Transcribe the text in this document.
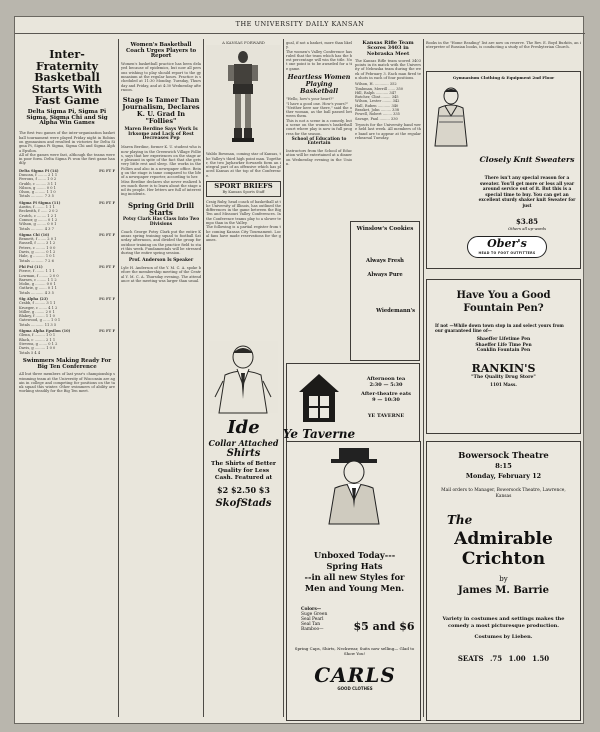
THE UNIVERSITY DAILY KANSAN
Inter-Fraternity Basketball Starts With Fast Game
Delta Sigma Pi, Sigma Pi Sigma, Sigma Chi and Sig Alpha Win Games
The first two games of the inter-organization basketball tournament were played Friday night in Robinson gymnasium and resulted in victories for Delta Sigma Pi, Sigma Pi Sigma, Sigma Chi and Sigma Alpha Epsilon.
All of the games were fast, although the teams were in poor form. Delta Sigma Pi won the first game handily.
Delta Sigma Pi (14)	FG FT F
Duncan, f ........ 2 1 1
Ferrons, f ....... 1 0 2
Grubb, c ......... 3 1 1
Nilson, g ........ 0 0 1
Olson, g ......... 1 1 0
Totals ........... 7 3 5
Sigma Pi Sigma (11)	FG FT F
Austin, f ........ 1 1 1
Beckwith, f ...... 2 0 2
Crutch, c ........ 1 2 1
Connor, g ........ 0 1 2
Wilson, g ........ 0 0 1
Totals ........... 4 3 7
Sigma Chi (16)	FG FT F
Bennett, f ....... 2 0 1
Russell, f ....... 3 1 2
Peters, c ........ 1 0 0
Davis, g ......... 0 1 2
Hale, g .......... 1 0 1
Totals ........... 7 2 6
Phi Psi (11)	FG FT F
Pierce, f ........ 1 1 1
Lowman, f ........ 2 0 0
Barnes, c ........ 1 1 2
Molin, g ......... 0 0 1
Guthrie, g ....... 0 1 1
Totals ........... 4 3 5
Sig Alpha (23)	FG FT F
Crabb, f ......... 3 1 1
Krueger, c ....... 4 1 2
Miller, g ........ 2 0 1
Blakey, f ........ 1 1 0
Gatewood, g ...... 1 0 1
Totals ........... 11 3 5
Sigma Alpha Epsilon (10)	FG FT F
Glenn, f ......... 1 0 1
Black, c ......... 2 1 1
Stevens, g ....... 0 1 2
Davis, g ......... 1 0 0
Totals 5 4 4
Swimmers Making Ready For Big Ten Conference
All but three members of last year's championship swimming team at the University of Wisconsin are again in college and competing for positions on the tank squad this winter. Other swimmers of ability are working steadily for the Big Ten meet.
Women's Basketball Coach Urges Players to Report
Women's basketball practice has been delayed because of epidemics, but now all persons wishing to play should report to the gymnasium at the regular hours. Practice is scheduled at 11:30 Monday, Tuesday, Thursday and Friday, and at 4:30 Wednesday afternoon.
Stage Is Tamer Than Journalism, Declares K. U. Grad In "Follies"
Maren Berdine Says Work Is Irksome and Lack of Rest Decreases Pep
Maren Berdine, former K. U. student who is now playing in the Greenwich Village Follies, says that her experiences on the stage are pleasant in spite of the fact that she gets very little rest and sleep. She works in the Follies and also in a newspaper office. Being on the stage is tame compared to the life of a newspaper reporter, according to her.
Miss Berdine declares she never realized how much there is to learn about the stage and its people. Her letters are full of interesting incidents.
Spring Grid Drill Starts
Potsy Clark Has Class Into Two Divisions
Coach George Potsy Clark put the entire Kansas spring training squad to football Saturday afternoon, and divided the group for outdoor training on the practice field to start this week. Fundamentals will be stressed during the entire spring session.
Prof. Anderson Is Speaker
Lyle H. Anderson of the Y. M. C. A. spoke before the membership meeting of the Central Y. M. C. A. Thursday evening. The attendance at the meeting was larger than usual.
A KANSAS FORWARD
Waldo Bowman, coming star of Kansas, the Valley's third high point man. Together, the two Jayhawker forwards form an integral part of an offensive which has placed Kansas at the top of the Conference.
SPORT BRIEFS
By Kansan Sports Staff
Craig Ruby, head coach of basketball at the University of Illinois, has outlined the differences in the game between the Big Ten and Missouri Valley Conferences. In the Conference teams play to a slower tempo than in the Valley.
The following is a partial register from the coming Kansas City Tournament. Local fans have made reservations for the games.
Ide
Collar Attached
Shirts
The Shirts of Better Quality for Less Cash. Featured at
$2 $2.50 $3
SkofStads
goal, if not a basket, more than likely.
The women's Valley Conference has ruled that the team which has the best percentage will win the title. Not one point is to be awarded for a tie game.
Heartless Women Playing Basketball
"Hello, how's your heart?"
"I have a good one. How's yours?"
"Neither here nor there," said the other woman, as the ball passed between them.
This is not a scene in a comedy, but a scene on the women's basketball court where play is now in full progress for the season.
School of Education to Entertain
Instructors from the School of Education will be entertained at a dinner on Wednesday evening in the Union.
Kansas Rifle Team Scores 3403 in Nebraska Meet
The Kansas Rifle team scored 3403 points in its match with the University of Nebraska team during the week of February 3. Each man fired ten shots in each of four positions.
Wilson, H. ............ 352
Timbman, Merrill ...... 350
Hill, Ralph ........... 347
Butcher, Clint ........ 345
Wilson, Lester ........ 342
Hall, Ruben ........... 340
Brasket, John ......... 338
Powell, Robert ........ 335
Savage, Paul ......... 330
Tryouts for the University band were held last week. All members of the band are to appear at the regular rehearsal Tuesday.
Winslow's Cookies
Always Fresh
Always Pure
Wiedemann's
Ye Taverne
Afternoon tea
2:30 — 5:30
After-theatre eats
9 — 10:30
YE TAVERNE
Books in the "Home Reading" list are now on reserve. The Rev. E. Boyd Burkits, an interpreter of Russian books, is conducting a study of the Presbyterian Church.
Gymnasium Clothing & Equipment 2nd Floor
Closely Knit Sweaters
There isn't any special reason for a sweater. You'll get more or less all year around service out of it. But this is a special time to buy. You can get an excellent sturdy shaker knit Sweater for just
$3.85
Others all up-wards
Ober's
HEAD TO FOOT OUTFITTERS
Have You a Good Fountain Pen?
If not —While down town stop in and select yours from our guaranteed line of—
Shaeffer Lifetime Pen
Shaeffer Life Time Pen
Conklin Fountain Pen
RANKIN'S
"The Quality Drug Store"
1101 Mass.
Unboxed Today---
Spring Hats
--in all new Styles for
Men and Young Men.
Colors—
Suge Green
Seal Pearl
Seal Tan
Bamboo—	$5 and $6
Spring Caps, Shirts, Neckwear, Suits now selling— Glad to Show You!
CARLS
GOOD CLOTHES
Bowersock Theatre
8:15
Monday, February 12
Mail orders to Manager, Bowersock Theatre, Lawrence, Kansas
The
Admirable
Crichton
by
James M. Barrie
Variety in costumes and settings makes the comedy a most picturesque production.
Costumes by Lieben.
SEATS .75 1.00 1.50
